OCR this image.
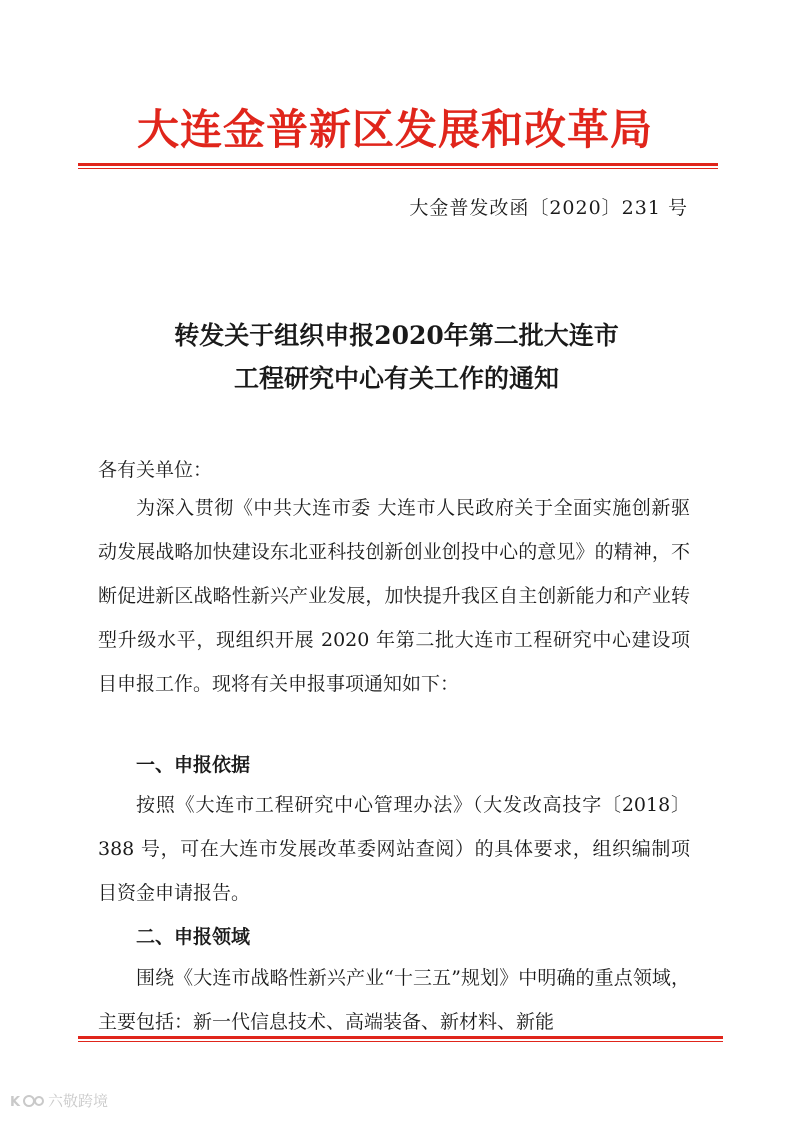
大连金普新区发展和改革局
大金普发改函〔2020〕231 号
转发关于组织申报2020年第二批大连市
工程研究中心有关工作的通知
各有关单位：
为深入贯彻《中共大连市委 大连市人民政府关于全面实施创新驱动发展战略加快建设东北亚科技创新创业创投中心的意见》的精神，不断促进新区战略性新兴产业发展，加快提升我区自主创新能力和产业转型升级水平，现组织开展 2020 年第二批大连市工程研究中心建设项目申报工作。现将有关申报事项通知如下：
一、申报依据
按照《大连市工程研究中心管理办法》（大发改高技字〔2018〕388 号，可在大连市发展改革委网站查阅）的具体要求，组织编制项目资金申请报告。
二、申报领域
围绕《大连市战略性新兴产业“十三五”规划》中明确的重点领域，主要包括：新一代信息技术、高端装备、新材料、新能
K 六敬跨境
